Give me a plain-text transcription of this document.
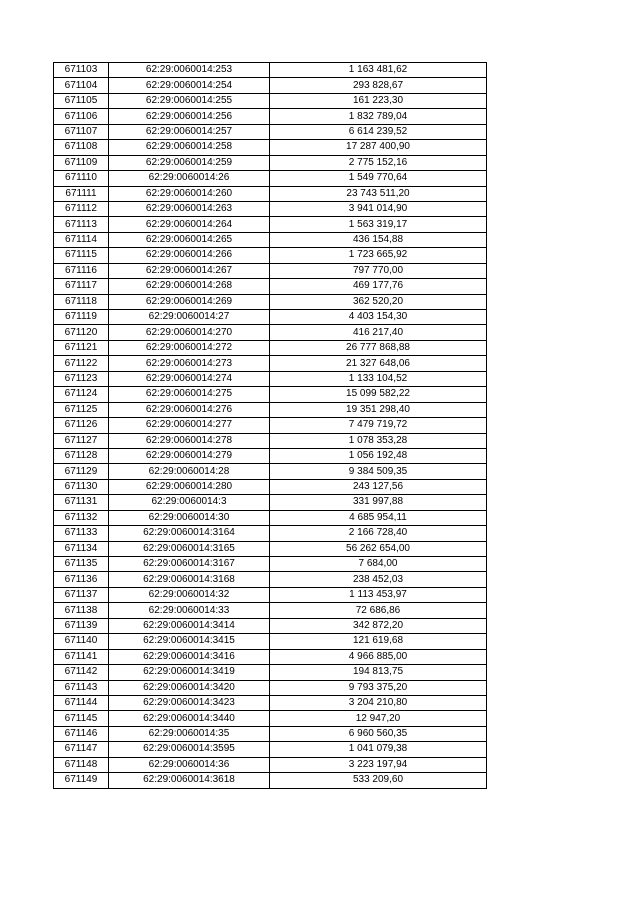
671103	62:29:0060014:253	1 163 481,62
671104	62:29:0060014:254	293 828,67
671105	62:29:0060014:255	161 223,30
671106	62:29:0060014:256	1 832 789,04
671107	62:29:0060014:257	6 614 239,52
671108	62:29:0060014:258	17 287 400,90
671109	62:29:0060014:259	2 775 152,16
671110	62:29:0060014:26	1 549 770,64
671111	62:29:0060014:260	23 743 511,20
671112	62:29:0060014:263	3 941 014,90
671113	62:29:0060014:264	1 563 319,17
671114	62:29:0060014:265	436 154,88
671115	62:29:0060014:266	1 723 665,92
671116	62:29:0060014:267	797 770,00
671117	62:29:0060014:268	469 177,76
671118	62:29:0060014:269	362 520,20
671119	62:29:0060014:27	4 403 154,30
671120	62:29:0060014:270	416 217,40
671121	62:29:0060014:272	26 777 868,88
671122	62:29:0060014:273	21 327 648,06
671123	62:29:0060014:274	1 133 104,52
671124	62:29:0060014:275	15 099 582,22
671125	62:29:0060014:276	19 351 298,40
671126	62:29:0060014:277	7 479 719,72
671127	62:29:0060014:278	1 078 353,28
671128	62:29:0060014:279	1 056 192,48
671129	62:29:0060014:28	9 384 509,35
671130	62:29:0060014:280	243 127,56
671131	62:29:0060014:3	331 997,88
671132	62:29:0060014:30	4 685 954,11
671133	62:29:0060014:3164	2 166 728,40
671134	62:29:0060014:3165	56 262 654,00
671135	62:29:0060014:3167	7 684,00
671136	62:29:0060014:3168	238 452,03
671137	62:29:0060014:32	1 113 453,97
671138	62:29:0060014:33	72 686,86
671139	62:29:0060014:3414	342 872,20
671140	62:29:0060014:3415	121 619,68
671141	62:29:0060014:3416	4 966 885,00
671142	62:29:0060014:3419	194 813,75
671143	62:29:0060014:3420	9 793 375,20
671144	62:29:0060014:3423	3 204 210,80
671145	62:29:0060014:3440	12 947,20
671146	62:29:0060014:35	6 960 560,35
671147	62:29:0060014:3595	1 041 079,38
671148	62:29:0060014:36	3 223 197,94
671149	62:29:0060014:3618	533 209,60
